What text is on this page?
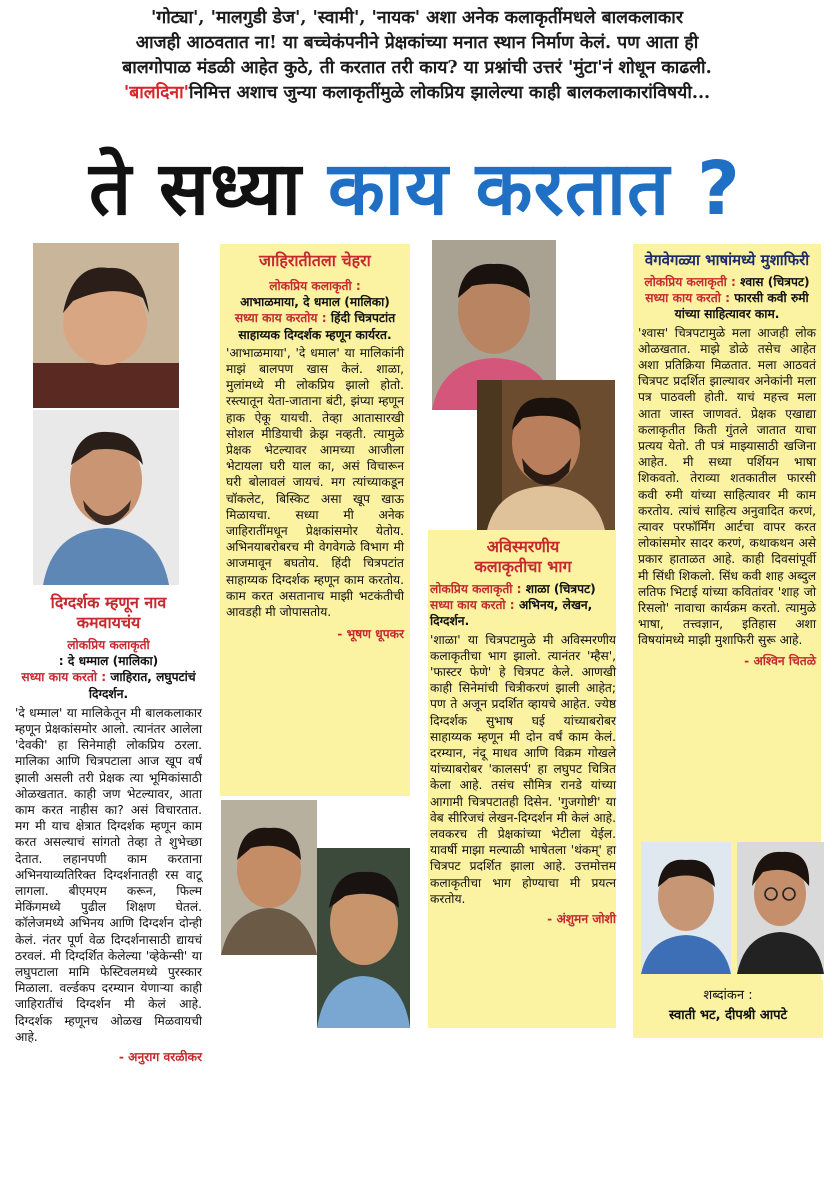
'गोट्या', 'मालगुडी डेज', 'स्वामी', 'नायक' अशा अनेक कलाकृतींमधले बालकलाकार
आजही आठवतात ना! या बच्चेकंपनीने प्रेक्षकांच्या मनात स्थान निर्माण केलं. पण आता ही
बालगोपाळ मंडळी आहेत कुठे, ती करतात तरी काय? या प्रश्नांची उत्तरं 'मुंटा'नं शोधून काढली.
'बालदिना'निमित्त अशाच जुन्या कलाकृतींमुळे लोकप्रिय झालेल्या काही बालकलाकारांविषयी...
ते सध्या काय करतात ?
दिग्दर्शक म्हणून नाव कमवायचंय
लोकप्रिय कलाकृती
: दे धम्माल (मालिका)
सध्या काय करतो : जाहिरात, लघुपटांचं दिग्दर्शन.
'दे धम्माल' या मालिकेतून मी बालकलाकार म्हणून प्रेक्षकांसमोर आलो. त्यानंतर आलेला 'देवकी' हा सिनेमाही लोकप्रिय ठरला. मालिका आणि चित्रपटाला आज खूप वर्षं झाली असली तरी प्रेक्षक त्या भूमिकांसाठी ओळखतात. काही जण भेटल्यावर, आता काम करत नाहीस का? असं विचारतात. मग मी याच क्षेत्रात दिग्दर्शक म्हणून काम करत असल्याचं सांगतो तेव्हा ते शुभेच्छा देतात. लहानपणी काम करताना अभिनयाव्यतिरिक्त दिग्दर्शनातही रस वाटू लागला. बीएमएम करून, फिल्म मेकिंगमध्ये पुढील शिक्षण घेतलं. कॉलेजमध्ये अभिनय आणि दिग्दर्शन दोन्ही केलं. नंतर पूर्ण वेळ दिग्दर्शनासाठी द्यायचं ठरवलं. मी दिग्दर्शित केलेल्या 'व्हेकेन्सी' या लघुपटाला मामि फेस्टिवलमध्ये पुरस्कार मिळाला. वर्ल्डकप दरम्यान येणाऱ्या काही जाहिरातींचं दिग्दर्शन मी केलं आहे. दिग्दर्शक म्हणूनच ओळख मिळवायची आहे.
- अनुराग वरळीकर
जाहिरातीतला चेहरा
लोकप्रिय कलाकृती :
आभाळमाया, दे धमाल (मालिका)
सध्या काय करतोय : हिंदी चित्रपटांत साहाय्यक दिग्दर्शक म्हणून कार्यरत.
'आभाळमाया', 'दे धमाल' या मालिकांनी माझं बालपण खास केलं. शाळा, मुलांमध्ये मी लोकप्रिय झालो होतो. रस्त्यातून येता-जाताना बंटी, झंप्या म्हणून हाक ऐकू यायची. तेव्हा आतासारखी सोशल मीडियाची क्रेझ नव्हती. त्यामुळे प्रेक्षक भेटल्यावर आमच्या आजीला भेटायला घरी याल का, असं विचारून घरी बोलावलं जायचं. मग त्यांच्याकडून चॉकलेट, बिस्किट असा खूप खाऊ मिळायचा. सध्या मी अनेक जाहिरातींमधून प्रेक्षकांसमोर येतोय. अभिनयाबरोबरच मी वेगवेगळे विभाग मी आजमावून बघतोय. हिंदी चित्रपटांत साहाय्यक दिग्दर्शक म्हणून काम करतोय. काम करत असतानाच माझी भटकंतीची आवडही मी जोपासतोय.
- भूषण धूपकर
अविस्मरणीय कलाकृतीचा भाग
लोकप्रिय कलाकृती : शाळा (चित्रपट)
सध्या काय करतो : अभिनय, लेखन, दिग्दर्शन.
'शाळा' या चित्रपटामुळे मी अविस्मरणीय कलाकृतीचा भाग झालो. त्यानंतर 'म्हैस', 'फास्टर फेणे' हे चित्रपट केले. आणखी काही सिनेमांची चित्रीकरणं झाली आहेत; पण ते अजून प्रदर्शित व्हायचे आहेत. ज्येष्ठ दिग्दर्शक सुभाष घई यांच्याबरोबर साहाय्यक म्हणून मी दोन वर्षं काम केलं. दरम्यान, नंदू माधव आणि विक्रम गोखले यांच्याबरोबर 'कालसर्प' हा लघुपट चित्रित केला आहे. तसंच सौमित्र रानडे यांच्या आगामी चित्रपटातही दिसेन. 'गुजगोष्टी' या वेब सीरिजचं लेखन-दिग्दर्शन मी केलं आहे. लवकरच ती प्रेक्षकांच्या भेटीला येईल. यावर्षी माझा मल्याळी भाषेतला 'थंकम्' हा चित्रपट प्रदर्शित झाला आहे. उत्तमोत्तम कलाकृतीचा भाग होण्याचा मी प्रयत्न करतोय.
- अंशुमन जोशी
वेगवेगळ्या भाषांमध्ये मुशाफिरी
लोकप्रिय कलाकृती : श्वास (चित्रपट)
सध्या काय करतो : फारसी कवी रुमी यांच्या साहित्यावर काम.
'श्वास' चित्रपटामुळे मला आजही लोक ओळखतात. माझे डोळे तसेच आहेत अशा प्रतिक्रिया मिळतात. मला आठवतं चित्रपट प्रदर्शित झाल्यावर अनेकांनी मला पत्र पाठवली होती. याचं महत्त्व मला आता जास्त जाणवतं. प्रेक्षक एखाद्या कलाकृतीत किती गुंतले जातात याचा प्रत्यय येतो. ती पत्रं माझ्यासाठी खजिना आहेत. मी सध्या पर्शियन भाषा शिकवतो. तेराव्या शतकातील फारसी कवी रुमी यांच्या साहित्यावर मी काम करतोय. त्यांचं साहित्य अनुवादित करणं, त्यावर परफॉर्मिंग आर्टचा वापर करत लोकांसमोर सादर करणं, कथाकथन असे प्रकार हाताळत आहे. काही दिवसांपूर्वी मी सिंधी शिकलो. सिंध कवी शाह अब्दुल लतिफ भिटाई यांच्या कवितांवर 'शाह जो रिसलो' नावाचा कार्यक्रम करतो. त्यामुळे भाषा, तत्त्वज्ञान, इतिहास अशा विषयांमध्ये माझी मुशाफिरी सुरू आहे.
- अश्विन चितळे
शब्दांकन :
स्वाती भट, दीपश्री आपटे
